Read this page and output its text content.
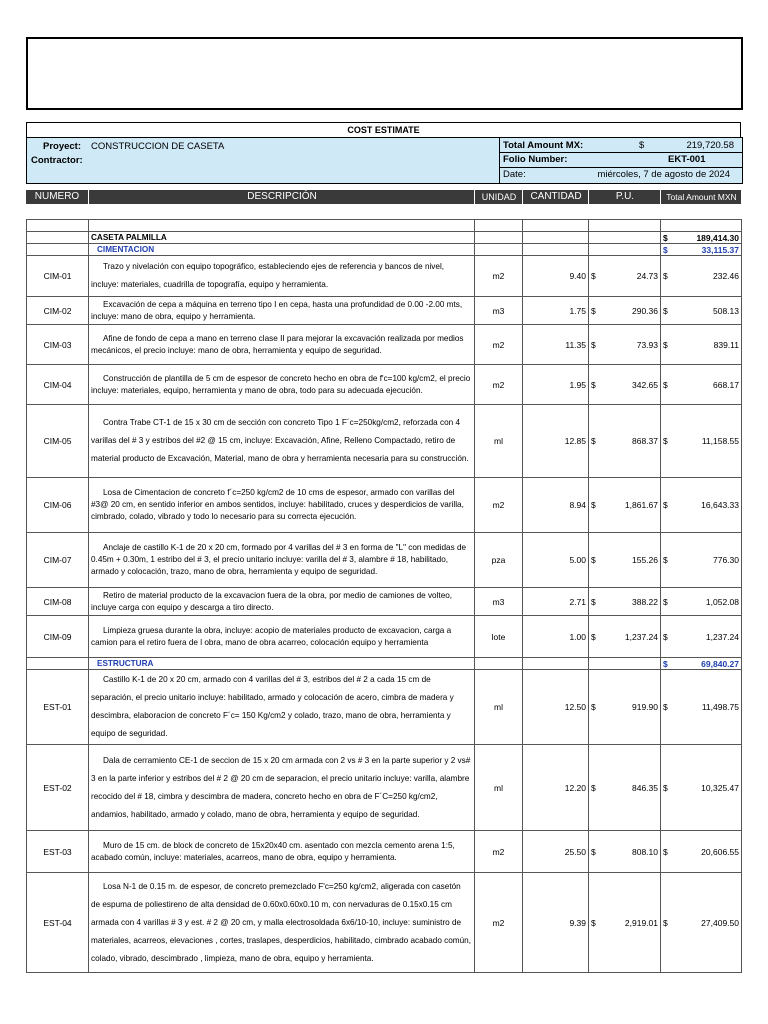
COST ESTIMATE
Proyect: CONSTRUCCION DE CASETA
Contractor:
Total Amount MX:	$	219,720.58
Folio Number:	EKT-001
Date:	miércoles, 7 de agosto de 2024
NUMERO	DESCRIPCIÓN	UNIDAD	CANTIDAD	P.U.	Total Amount MXN

	CASETA PALMILLA					$	189,414.30
	CIMENTACION					$	33,115.37
CIM-01	Trazo y nivelación con equipo topográfico, estableciendo ejes de referencia y bancos de nivel, incluye: materiales, cuadrilla de topografía, equipo y herramienta.	m2	9.40	$	24.73	$	232.46
CIM-02	Excavación de cepa a máquina en terreno tipo I en cepa, hasta una profundidad de 0.00 -2.00 mts, incluye: mano de obra, equipo y herramienta.	m3	1.75	$	290.36	$	508.13
CIM-03	Afine de fondo de cepa a mano en terreno clase II para mejorar la excavación realizada por medios mecánicos, el precio incluye: mano de obra, herramienta y equipo de seguridad.	m2	11.35	$	73.93	$	839.11
CIM-04	Construcción de plantilla de 5 cm de espesor de concreto hecho en obra de f'c=100 kg/cm2, el precio incluye: materiales, equipo, herramienta y mano de obra, todo para su adecuada ejecución.	m2	1.95	$	342.65	$	668.17
CIM-05	Contra Trabe CT-1 de 15 x 30 cm de sección con concreto Tipo 1 F´c=250kg/cm2, reforzada con 4 varillas del # 3 y estribos del #2 @ 15 cm, incluye: Excavación, Afine, Relleno Compactado, retiro de material producto de Excavación, Material, mano de obra y herramienta necesaria para su construcción.	ml	12.85	$	868.37	$	11,158.55
CIM-06	Losa de Cimentacion de concreto f´c=250 kg/cm2 de 10 cms de espesor, armado con varillas del #3@ 20 cm, en sentido inferior en ambos sentidos, incluye: habilitado, cruces y desperdicios de varilla, cimbrado, colado, vibrado y todo lo necesario para su correcta ejecución.	m2	8.94	$	1,861.67	$	16,643.33
CIM-07	Anclaje de castillo K-1 de 20 x 20 cm, formado por 4 varillas del # 3 en forma de "L" con medidas de 0.45m + 0.30m, 1 estribo del # 3, el precio unitario incluye: varilla del # 3, alambre # 18, habilitado, armado y colocación, trazo, mano de obra, herramienta y equipo de seguridad.	pza	5.00	$	155.26	$	776.30
CIM-08	Retiro de material producto de la excavacion fuera de la obra, por medio de camiones de volteo, incluye carga con equipo y descarga a tiro directo.	m3	2.71	$	388.22	$	1,052.08
CIM-09	Limpieza gruesa durante la obra, incluye: acopio de materiales producto de excavacion, carga a camion para el retiro fuera de l obra, mano de obra acarreo, colocación equipo y herramienta	lote	1.00	$	1,237.24	$	1,237.24
	ESTRUCTURA					$	69,840.27
EST-01	Castillo K-1 de 20 x 20 cm, armado con 4 varillas del # 3, estribos del # 2 a cada 15 cm de separación, el precio unitario incluye: habilitado, armado y colocación de acero, cimbra de madera y descimbra, elaboracion de concreto F´c= 150 Kg/cm2 y colado, trazo, mano de obra, herramienta y equipo de seguridad.	ml	12.50	$	919.90	$	11,498.75
EST-02	Dala de cerramiento CE-1 de seccion de 15 x 20 cm armada con 2 vs # 3 en la parte superior y 2 vs# 3 en la parte inferior y estribos del # 2 @ 20 cm de separacion, el precio unitario incluye: varilla, alambre recocido del # 18, cimbra y descimbra de madera, concreto hecho en obra de F´C=250 kg/cm2, andamios, habilitado, armado y colado, mano de obra, herramienta y equipo de seguridad.	ml	12.20	$	846.35	$	10,325.47
EST-03	Muro de 15 cm. de block de concreto de 15x20x40 cm. asentado con mezcla cemento arena 1:5, acabado común, incluye: materiales, acarreos, mano de obra, equipo y herramienta.	m2	25.50	$	808.10	$	20,606.55
EST-04	Losa N-1 de 0.15 m. de espesor, de concreto premezclado F'c=250 kg/cm2, aligerada con casetón de espuma de poliestireno de alta densidad de 0.60x0.60x0.10 m, con nervaduras de 0.15x0.15 cm armada con 4 varillas # 3 y est. # 2 @ 20 cm, y malla electrosoldada 6x6/10-10, incluye: suministro de materiales, acarreos, elevaciones , cortes, traslapes, desperdicios, habilitado, cimbrado acabado común, colado, vibrado, descimbrado , limpieza, mano de obra, equipo y herramienta.	m2	9.39	$	2,919.01	$	27,409.50
